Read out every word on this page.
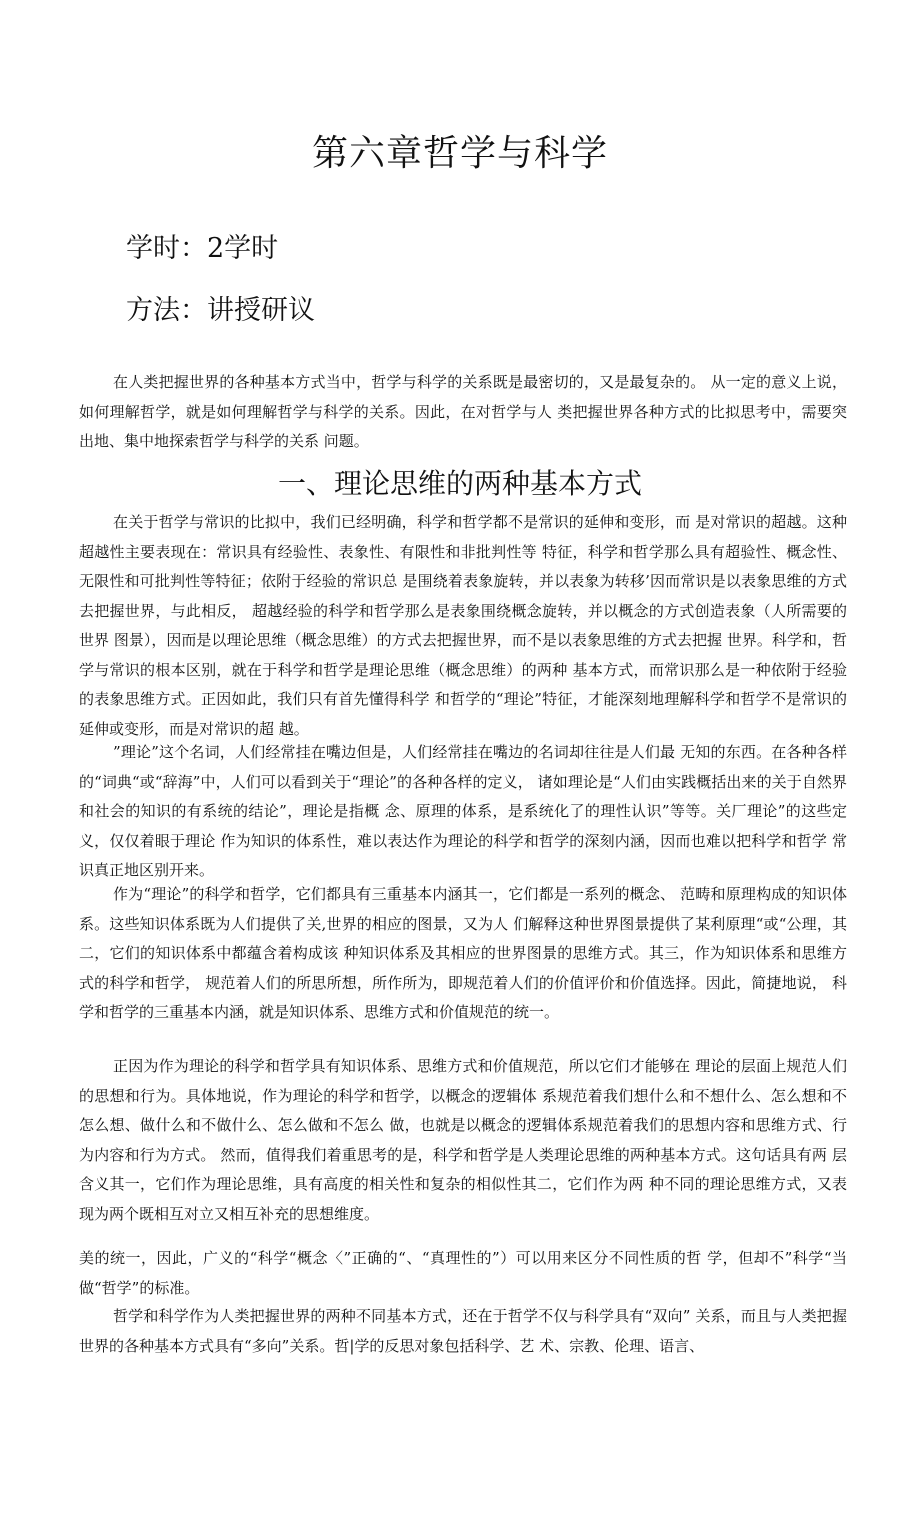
第六章哲学与科学
学时：2学时
方法：讲授研议

在人类把握世界的各种基本方式当中，哲学与科学的关系既是最密切的，又是最复杂的。 从一定的意义上说，如何理解哲学，就是如何理解哲学与科学的关系。因此，在对哲学与人 类把握世界各种方式的比拟思考中，需要突出地、集中地探索哲学与科学的关系 问题。

一、理论思维的两种基本方式

在关于哲学与常识的比拟中，我们已经明确，科学和哲学都不是常识的延伸和变形，而 是对常识的超越。这种超越性主要表现在：常识具有经验性、表象性、有限性和非批判性等 特征，科学和哲学那么具有超验性、概念性、无限性和可批判性等特征；依附于经验的常识总 是围绕着表象旋转，并以表象为转移’因而常识是以表象思维的方式去把握世界，与此相反， 超越经验的科学和哲学那么是表象围绕概念旋转，并以概念的方式创造表象（人所需要的世界 图景），因而是以理论思维（概念思维）的方式去把握世界，而不是以表象思维的方式去把握 世界。科学和，哲学与常识的根本区别，就在于科学和哲学是理论思维（概念思维）的两种 基本方式，而常识那么是一种依附于经验的表象思维方式。正因如此，我们只有首先懂得科学 和哲学的“理论”特征，才能深刻地理解科学和哲学不是常识的延伸或变形，而是对常识的超 越。

”理论”这个名词，人们经常挂在嘴边但是，人们经常挂在嘴边的名词却往往是人们最 无知的东西。在各种各样的“词典“或“辞海”中，人们可以看到关于“理论”的各种各样的定义， 诸如理论是“人们由实践概括出来的关于自然界和社会的知识的有系统的结论”，理论是指概 念、原理的体系，是系统化了的理性认识”等等。关厂理论”的这些定义，仅仅着眼于理论 作为知识的体系性，难以表达作为理论的科学和哲学的深刻内涵，因而也难以把科学和哲学 常识真正地区别开来。

作为“理论”的科学和哲学，它们都具有三重基本内涵其一，它们都是一系列的概念、 范畴和原理构成的知识体系。这些知识体系既为人们提供了关,世界的相应的图景，又为人 们解释这种世界图景提供了某利原理“或“公理，其二，它们的知识体系中都蕴含着构成该 种知识体系及其相应的世界图景的思维方式。其三，作为知识体系和思维方式的科学和哲学， 规范着人们的所思所想，所作所为，即规范着人们的价值评价和价值选择。因此，简捷地说， 科学和哲学的三重基本内涵，就是知识体系、思维方式和价值规范的统一。

正因为作为理论的科学和哲学具有知识体系、思维方式和价值规范，所以它们才能够在 理论的层面上规范人们的思想和行为。具体地说，作为理论的科学和哲学，以概念的逻辑体 系规范着我们想什么和不想什么、怎么想和不怎么想、做什么和不做什么、怎么做和不怎么 做，也就是以概念的逻辑体系规范着我们的思想内容和思维方式、行为内容和行为方式。 然而，值得我们着重思考的是，科学和哲学是人类理论思维的两种基本方式。这句话具有两 层含义其一，它们作为理论思维，具有高度的相关性和复杂的相似性其二，它们作为两 种不同的理论思维方式，又表现为两个既相互对立又相互补充的思想维度。

美的统一，因此，广义的“科学“概念〈”正确的“、“真理性的”）可以用来区分不同性质的哲 学，但却不”科学“当做“哲学”的标准。

哲学和科学作为人类把握世界的两种不同基本方式，还在于哲学不仅与科学具有“双向” 关系，而且与人类把握世界的各种基本方式具有“多向”关系。哲|学的反思对象包括科学、艺 术、宗教、伦理、语言、
